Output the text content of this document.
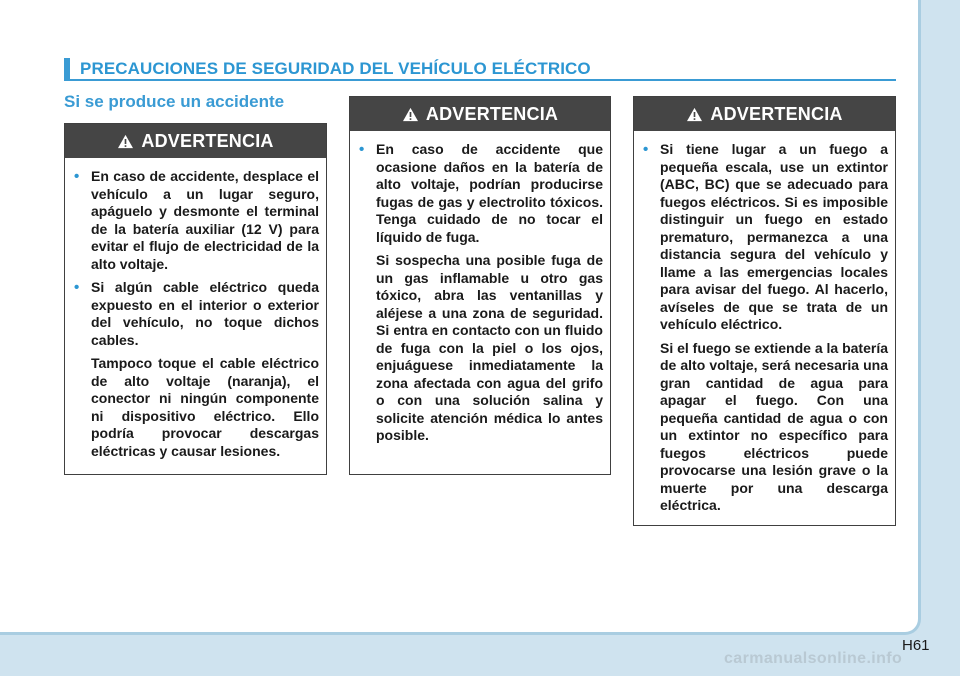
PRECAUCIONES DE SEGURIDAD DEL VEHÍCULO ELÉCTRICO
Si se produce un accidente
ADVERTENCIA
• En caso de accidente, desplace el vehículo a un lugar seguro, apáguelo y desmonte el terminal de la batería auxiliar (12 V) para evitar el flujo de electricidad de la alto voltaje.
• Si algún cable eléctrico queda expuesto en el interior o exterior del vehículo, no toque dichos cables.
Tampoco toque el cable eléctrico de alto voltaje (naranja), el conector ni ningún componente ni dispositivo eléctrico. Ello podría provocar descargas eléctricas y causar lesiones.
ADVERTENCIA
• En caso de accidente que ocasione daños en la batería de alto voltaje, podrían producirse fugas de gas y electrolito tóxicos. Tenga cuidado de no tocar el líquido de fuga.
Si sospecha una posible fuga de un gas inflamable u otro gas tóxico, abra las ventanillas y aléjese a una zona de seguridad. Si entra en contacto con un fluido de fuga con la piel o los ojos, enjuáguese inmediatamente la zona afectada con agua del grifo o con una solución salina y solicite atención médica lo antes posible.
ADVERTENCIA
• Si tiene lugar a un fuego a pequeña escala, use un extintor (ABC, BC) que se adecuado para fuegos eléctricos. Si es imposible distinguir un fuego en estado prematuro, permanezca a una distancia segura del vehículo y llame a las emergencias locales para avisar del fuego. Al hacerlo, avíseles de que se trata de un vehículo eléctrico.
Si el fuego se extiende a la batería de alto voltaje, será necesaria una gran cantidad de agua para apagar el fuego. Con una pequeña cantidad de agua o con un extintor no específico para fuegos eléctricos puede provocarse una lesión grave o la muerte por una descarga eléctrica.
H61
carmanualsonline.info
